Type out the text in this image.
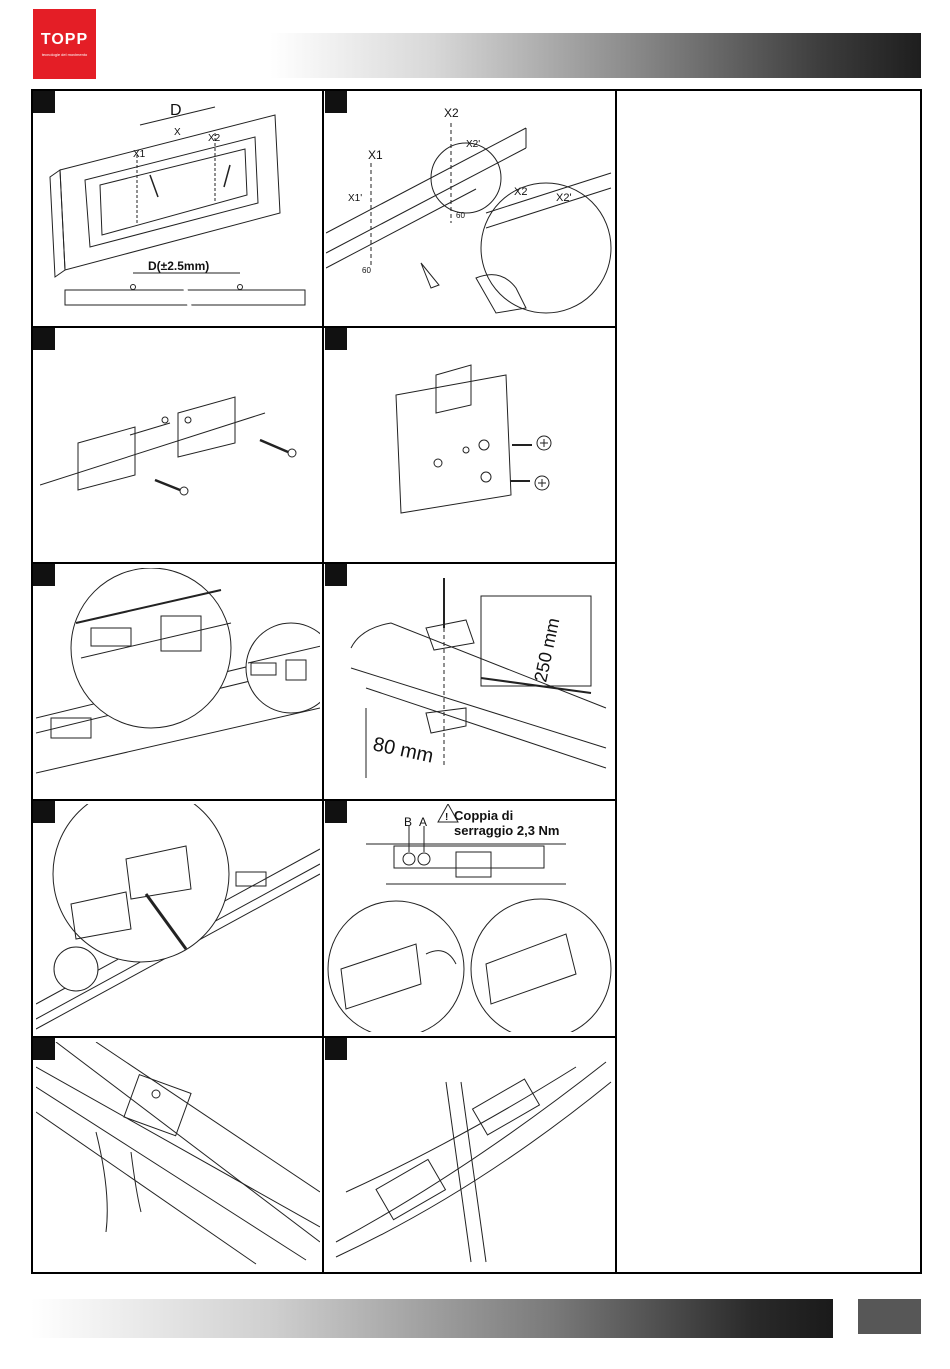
TOPP
tecnologie del movimento
D
X
X1
X2
D(±2.5mm)
X2
X2'
X1
X1'
60
60
X2	X2'
250 mm
80 mm
!
B A Coppia di
serraggio 2,3 Nm
